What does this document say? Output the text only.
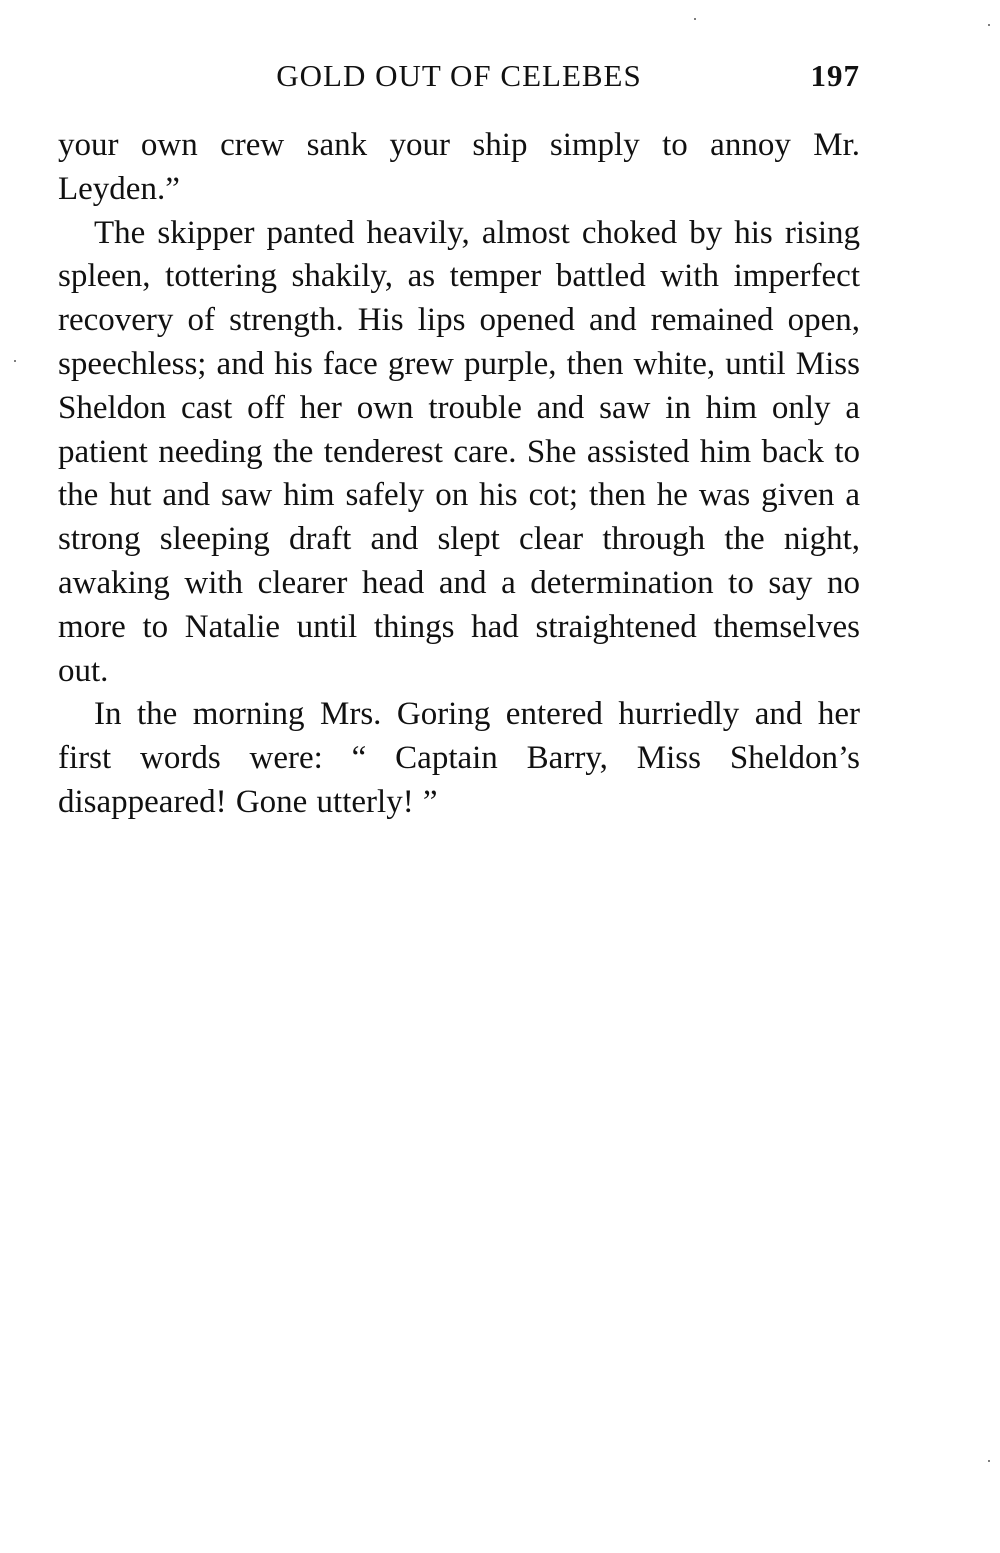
GOLD OUT OF CELEBES	197

your own crew sank your ship simply to annoy Mr. Leyden.”

The skipper panted heavily, almost choked by his rising spleen, tottering shakily, as temper battled with imperfect recovery of strength. His lips opened and remained open, speechless; and his face grew purple, then white, until Miss Sheldon cast off her own trouble and saw in him only a patient needing the tenderest care. She assisted him back to the hut and saw him safely on his cot; then he was given a strong sleeping draft and slept clear through the night, awaking with clearer head and a determination to say no more to Natalie until things had straightened themselves out.

In the morning Mrs. Goring entered hurriedly and her first words were: “ Captain Barry, Miss Sheldon’s disappeared! Gone utterly! ”
